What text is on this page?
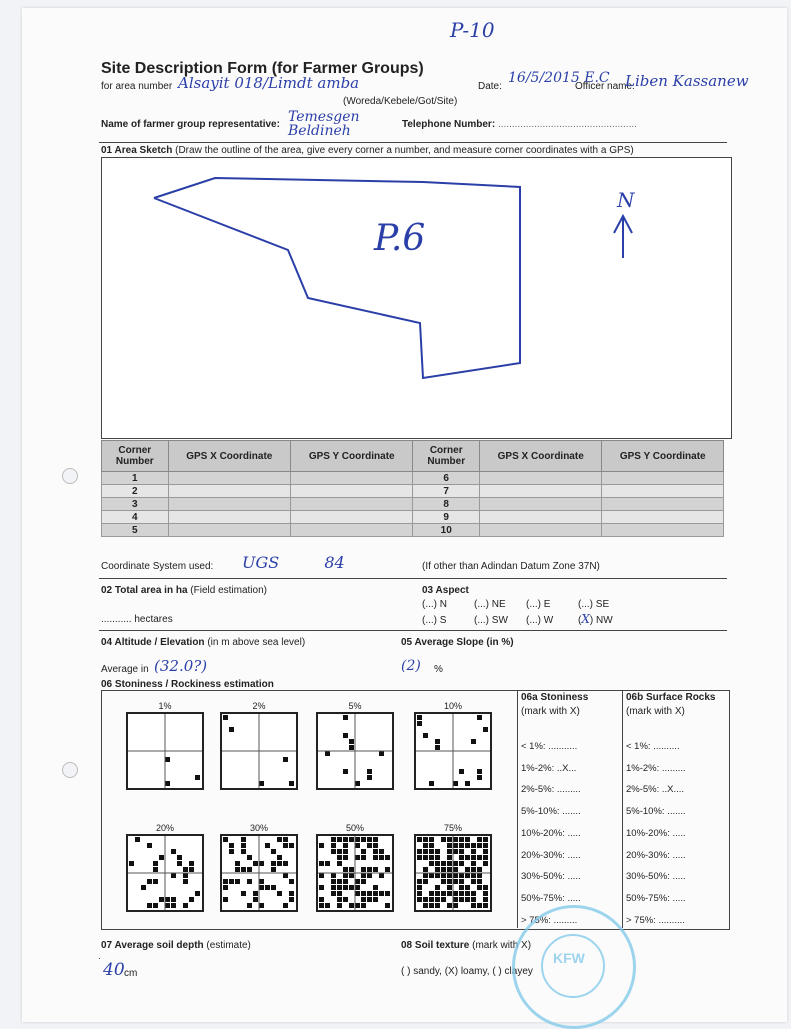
P-10
Site Description Form (for Farmer Groups)
for area number Alsayit 018/Limdt amba
(Woreda/Kebele/Got/Site)
Date:
16/5/2015 E.C
Officer name:
Liben Kassanew
Name of farmer group representative: Temesgen Beldineh	Telephone Number: ..................................................
01 Area Sketch (Draw the outline of the area, give every corner a number, and measure corner coordinates with a GPS)
P.6
N
Corner Number	GPS X Coordinate	GPS Y Coordinate	Corner Number	GPS X Coordinate	GPS Y Coordinate
1			6		
2			7		
3			8		
4			9		
5			10		
Coordinate System used: UGS 84	(If other than Adindan Datum Zone 37N)
02 Total area in ha (Field estimation)
........... hectares
03 Aspect
(...) N	(...) NE (...) E	(...) SE
(...) S	(...) SW (...) W (X) NW
04 Altitude / Elevation (in m above sea level)
Average in (32.0?)
05 Average Slope (in %)
(2) %
06 Stoniness / Rockiness estimation
1%	2%	5%	10%
20%	30%	50%	75%
06a Stoniness
(mark with X)
06b Surface Rocks
(mark with X)
< 1%: ...........
1%-2%: ..X...
2%-5%: .........
5%-10%: .......
10%-20%: .....
20%-30%: .....
30%-50%: .....
50%-75%: .....
> 75%: .........
< 1%: ..........
1%-2%: .........
2%-5%: ..X....
5%-10%: .......
10%-20%: .....
20%-30%: .....
30%-50%: .....
50%-75%: .....
> 75%: ..........
07 Average soil depth (estimate)
40 cm
08 Soil texture (mark with X)
( ) sandy, (X) loamy, ( ) clayey
KFW
